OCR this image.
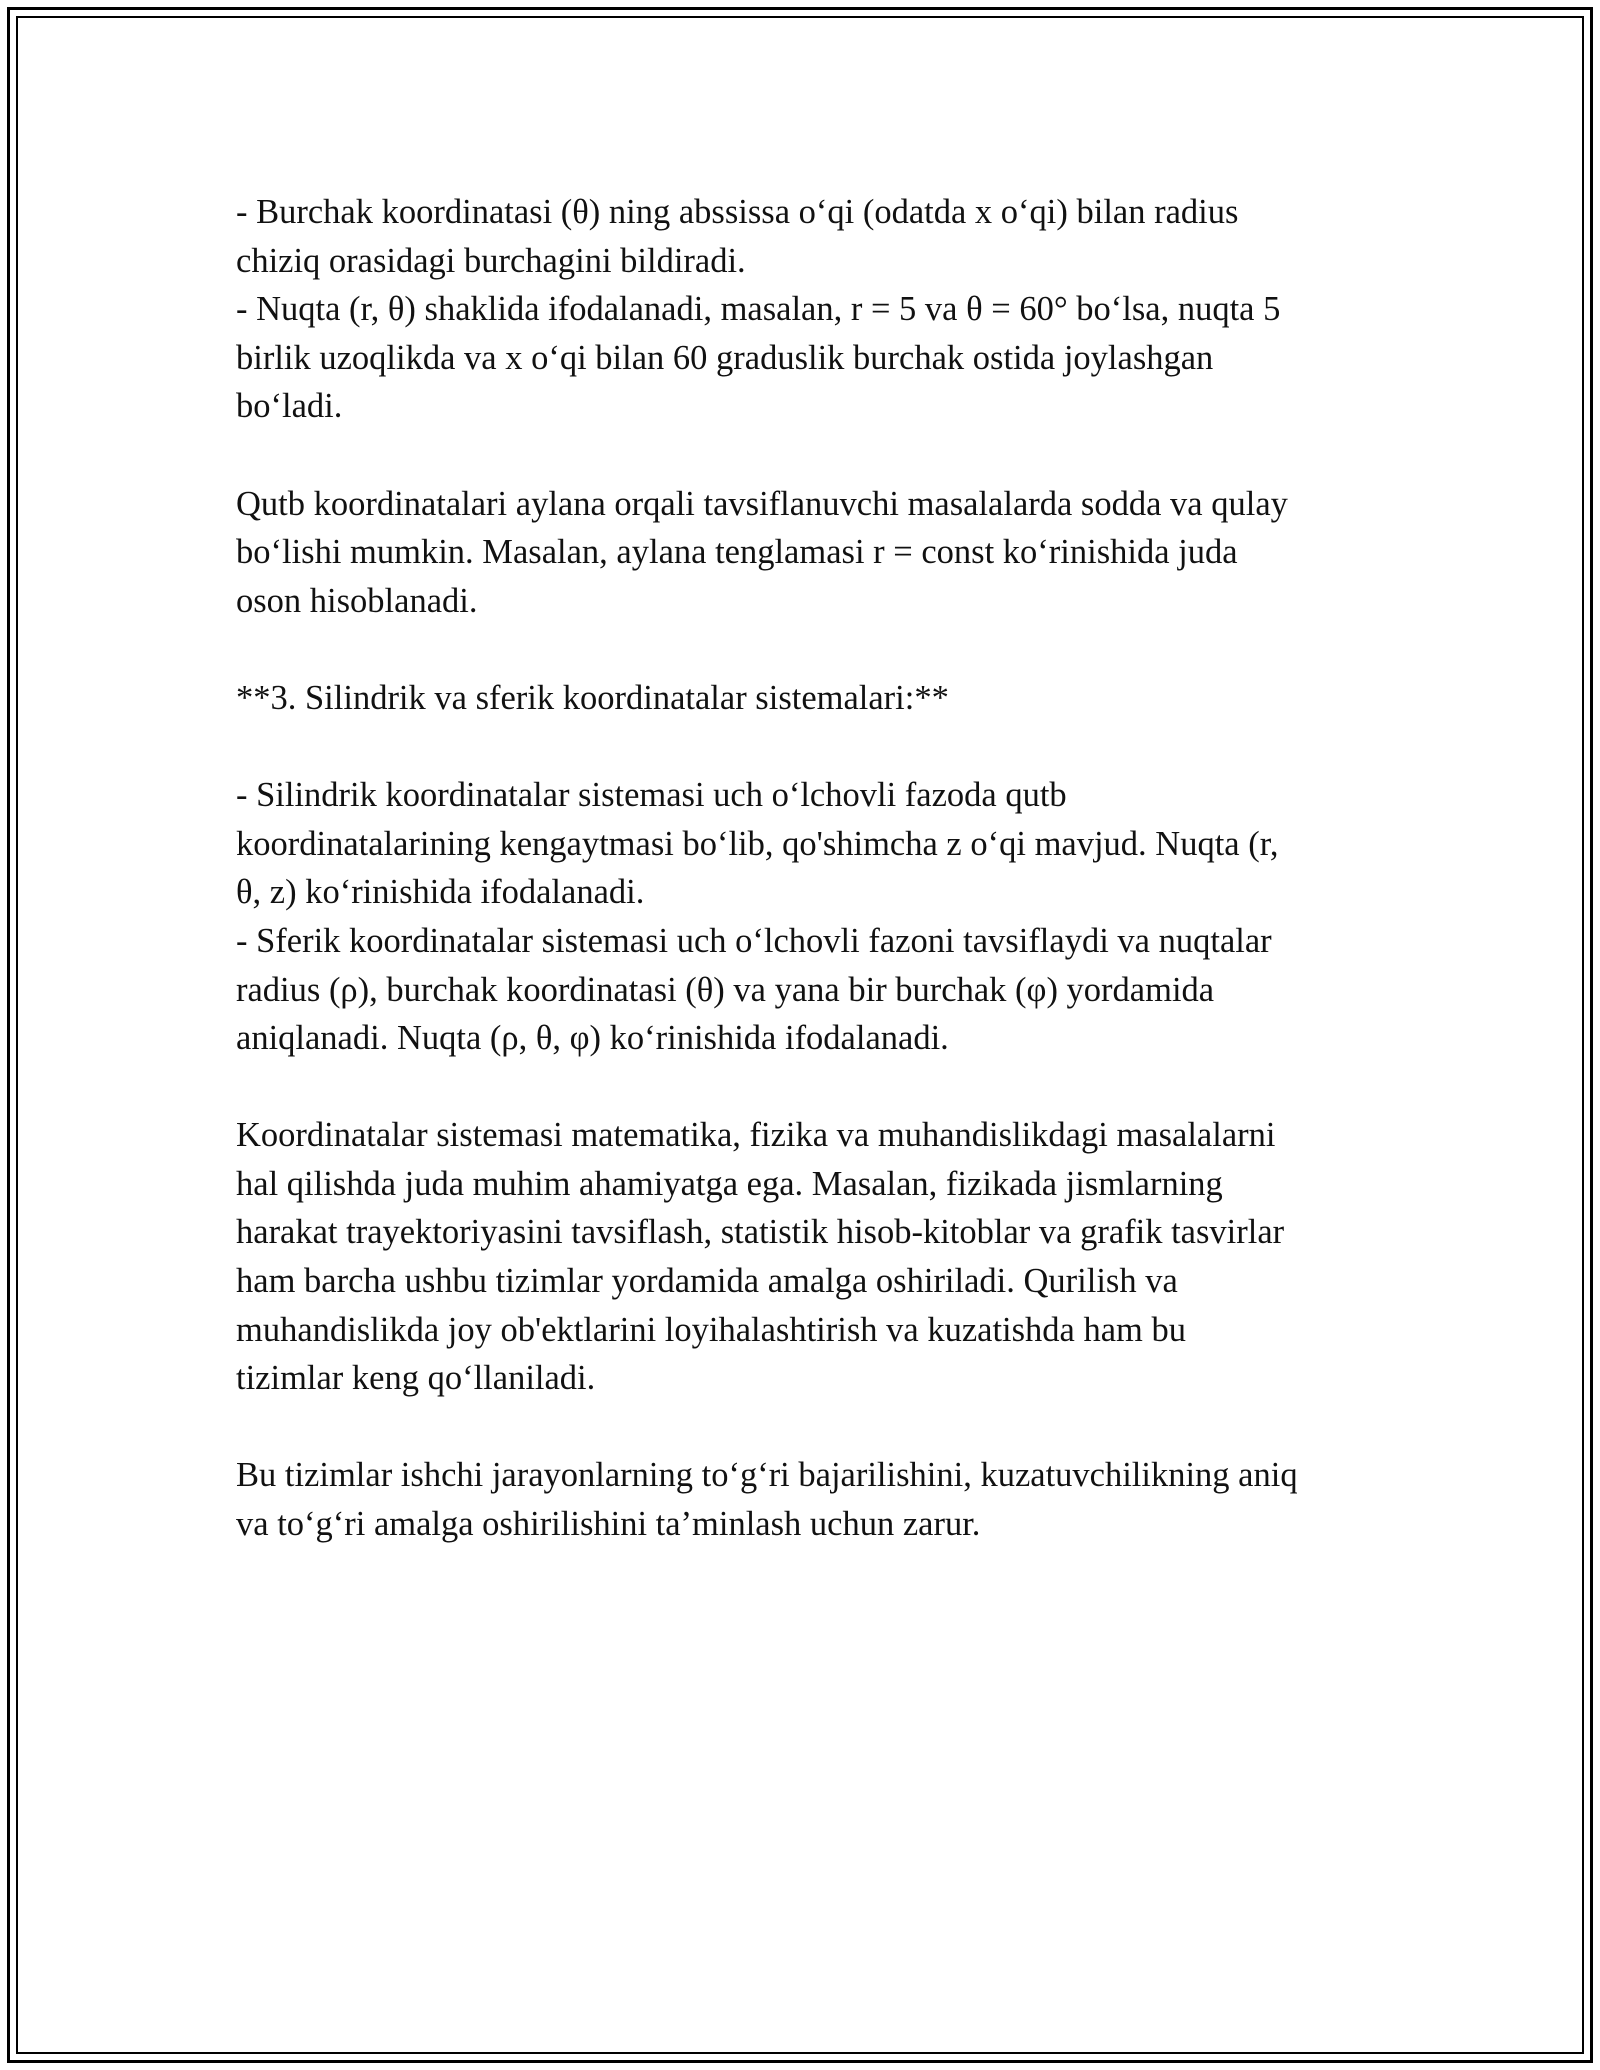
- Burchak koordinatasi (θ) ning abssissa o‘qi (odatda x o‘qi) bilan radius
chiziq orasidagi burchagini bildiradi.

- Nuqta (r, θ) shaklida ifodalanadi, masalan, r = 5 va θ = 60° bo‘lsa, nuqta 5
birlik uzoqlikda va x o‘qi bilan 60 graduslik burchak ostida joylashgan
bo‘ladi.

Qutb koordinatalari aylana orqali tavsiflanuvchi masalalarda sodda va qulay
bo‘lishi mumkin. Masalan, aylana tenglamasi r = const ko‘rinishida juda
oson hisoblanadi.

**3. Silindrik va sferik koordinatalar sistemalari:**

- Silindrik koordinatalar sistemasi uch o‘lchovli fazoda qutb
koordinatalarining kengaytmasi bo‘lib, qo'shimcha z o‘qi mavjud. Nuqta (r,
θ, z) ko‘rinishida ifodalanadi.

- Sferik koordinatalar sistemasi uch o‘lchovli fazoni tavsiflaydi va nuqtalar
radius (ρ), burchak koordinatasi (θ) va yana bir burchak (φ) yordamida
aniqlanadi. Nuqta (ρ, θ, φ) ko‘rinishida ifodalanadi.

Koordinatalar sistemasi matematika, fizika va muhandislikdagi masalalarni
hal qilishda juda muhim ahamiyatga ega. Masalan, fizikada jismlarning
harakat trayektoriyasini tavsiflash, statistik hisob-kitoblar va grafik tasvirlar
ham barcha ushbu tizimlar yordamida amalga oshiriladi. Qurilish va
muhandislikda joy ob'ektlarini loyihalashtirish va kuzatishda ham bu
tizimlar keng qo‘llaniladi.

Bu tizimlar ishchi jarayonlarning to‘g‘ri bajarilishini, kuzatuvchilikning aniq
va to‘g‘ri amalga oshirilishini ta’minlash uchun zarur.
